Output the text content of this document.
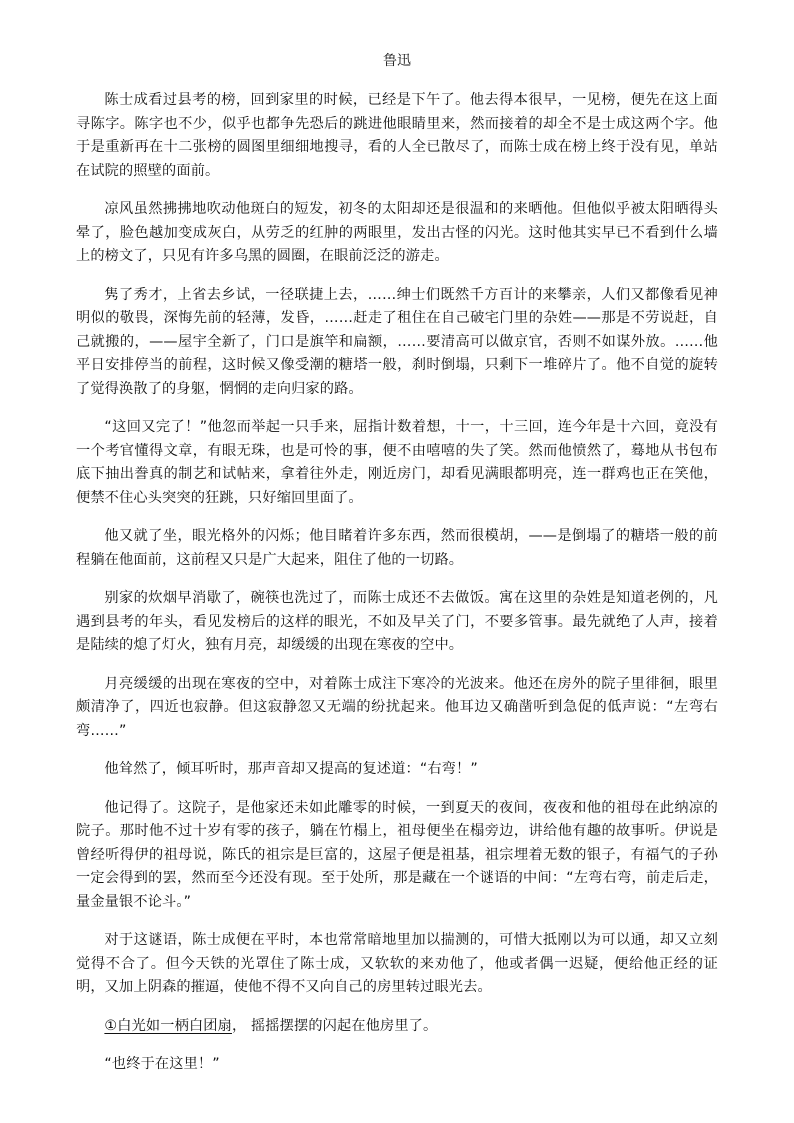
鲁迅

陈士成看过县考的榜，回到家里的时候，已经是下午了。他去得本很早，一见榜，便先在这上面寻陈字。陈字也不少，似乎也都争先恐后的跳进他眼睛里来，然而接着的却全不是士成这两个字。他于是重新再在十二张榜的圆图里细细地搜寻，看的人全已散尽了，而陈士成在榜上终于没有见，单站在试院的照壁的面前。

凉风虽然拂拂地吹动他斑白的短发，初冬的太阳却还是很温和的来晒他。但他似乎被太阳晒得头晕了，脸色越加变成灰白，从劳乏的红肿的两眼里，发出古怪的闪光。这时他其实早已不看到什么墙上的榜文了，只见有许多乌黑的圆圈，在眼前泛泛的游走。

隽了秀才，上省去乡试，一径联捷上去，……绅士们既然千方百计的来攀亲，人们又都像看见神明似的敬畏，深悔先前的轻薄，发昏，……赶走了租住在自己破宅门里的杂姓——那是不劳说赶，自己就搬的，——屋宇全新了，门口是旗竿和扁额，……要清高可以做京官，否则不如谋外放。……他平日安排停当的前程，这时候又像受潮的糖塔一般，刹时倒塌，只剩下一堆碎片了。他不自觉的旋转了觉得涣散了的身躯，惘惘的走向归家的路。

“这回又完了！”他忽而举起一只手来，屈指计数着想，十一，十三回，连今年是十六回，竟没有一个考官懂得文章，有眼无珠，也是可怜的事，便不由嘻嘻的失了笑。然而他愤然了，蓦地从书包布底下抽出誊真的制艺和试帖来，拿着往外走，刚近房门，却看见满眼都明亮，连一群鸡也正在笑他，便禁不住心头突突的狂跳，只好缩回里面了。

他又就了坐，眼光格外的闪烁；他目睹着许多东西，然而很模胡，——是倒塌了的糖塔一般的前程躺在他面前，这前程又只是广大起来，阻住了他的一切路。

别家的炊烟早消歇了，碗筷也洗过了，而陈士成还不去做饭。寓在这里的杂姓是知道老例的，凡遇到县考的年头，看见发榜后的这样的眼光，不如及早关了门，不要多管事。最先就绝了人声，接着是陆续的熄了灯火，独有月亮，却缓缓的出现在寒夜的空中。

月亮缓缓的出现在寒夜的空中，对着陈士成注下寒冷的光波来。他还在房外的院子里徘徊，眼里颇清净了，四近也寂静。但这寂静忽又无端的纷扰起来。他耳边又确凿听到急促的低声说：“左弯右弯……”

他耸然了，倾耳听时，那声音却又提高的复述道：“右弯！”

他记得了。这院子，是他家还未如此雕零的时候，一到夏天的夜间，夜夜和他的祖母在此纳凉的院子。那时他不过十岁有零的孩子，躺在竹榻上，祖母便坐在榻旁边，讲给他有趣的故事听。伊说是曾经听得伊的祖母说，陈氏的祖宗是巨富的，这屋子便是祖基，祖宗埋着无数的银子，有福气的子孙一定会得到的罢，然而至今还没有现。至于处所，那是藏在一个谜语的中间：“左弯右弯，前走后走，量金量银不论斗。”

对于这谜语，陈士成便在平时，本也常常暗地里加以揣测的，可惜大抵刚以为可以通，却又立刻觉得不合了。但今天铁的光罩住了陈士成，又软软的来劝他了，他或者偶一迟疑，便给他正经的证明，又加上阴森的摧逼，使他不得不又向自己的房里转过眼光去。

①白光如一柄白团扇， 摇摇摆摆的闪起在他房里了。

“也终于在这里！”
